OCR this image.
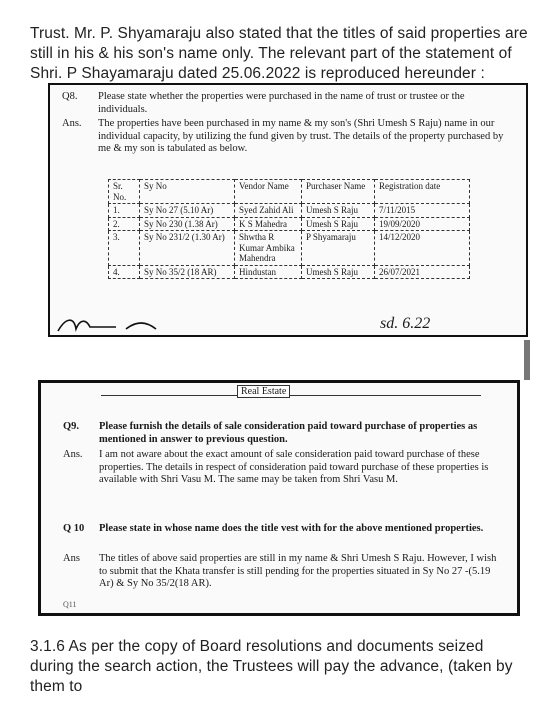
Trust. Mr. P. Shyamaraju also stated that the titles of said properties are still in his & his son's name only. The relevant part of the statement of Shri. P Shayamaraju dated 25.06.2022 is reproduced hereunder :

Q8.	Please state whether the properties were purchased in the name of trust or trustee or the individuals.
Ans.	The properties have been purchased in my name & my son's (Shri Umesh S Raju) name in our individual capacity, by utilizing the fund given by trust. The details of the property purchased by me & my son is tabulated as below.
Sr. No.	Sy No	Vendor Name	Purchaser Name	Registration date
1.	Sy No 27 (5.10 Ar)	Syed Zahid Ali	Umesh S Raju	7/11/2015
2.	Sy No 230 (1.38 Ar)	K S Mahedra	Umesh S Raju	19/09/2020
3.	Sy No 231/2 (1.30 Ar)	Shwtha R Kumar Ambika Mahendra	P Shyamaraju	14/12/2020
4.	Sy No 35/2 (18 AR)	Hindustan	Umesh S Raju	26/07/2021
sd. 6.22
Real Estate
Q9.	Please furnish the details of sale consideration paid toward purchase of properties as mentioned in answer to previous question.
Ans.	I am not aware about the exact amount of sale consideration paid toward purchase of these properties. The details in respect of consideration paid toward purchase of these properties is available with Shri Vasu M. The same may be taken from Shri Vasu M.
Q 10	Please state in whose name does the title vest with for the above mentioned properties.
Ans	The titles of above said properties are still in my name & Shri Umesh S Raju. However, I wish to submit that the Khata transfer is still pending for the properties situated in Sy No 27 -(5.19 Ar) & Sy No 35/2(18 AR).
Q11

3.1.6 As per the copy of Board resolutions and documents seized during the search action, the Trustees will pay the advance, (taken by them to
